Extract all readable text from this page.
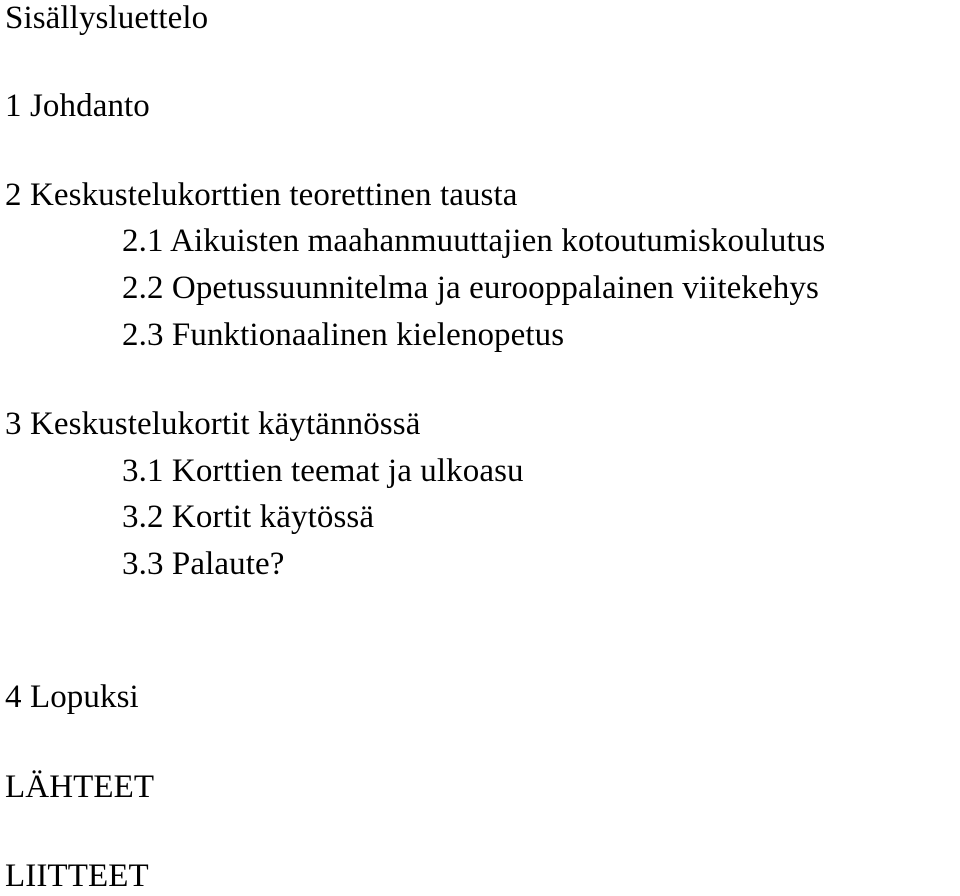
Sisällysluettelo
1 Johdanto
2 Keskustelukorttien teorettinen tausta
2.1 Aikuisten maahanmuuttajien kotoutumiskoulutus
2.2 Opetussuunnitelma ja eurooppalainen viitekehys
2.3 Funktionaalinen kielenopetus
3 Keskustelukortit käytännössä
3.1 Korttien teemat ja ulkoasu
3.2 Kortit käytössä
3.3 Palaute?
4 Lopuksi
LÄHTEET
LIITTEET
